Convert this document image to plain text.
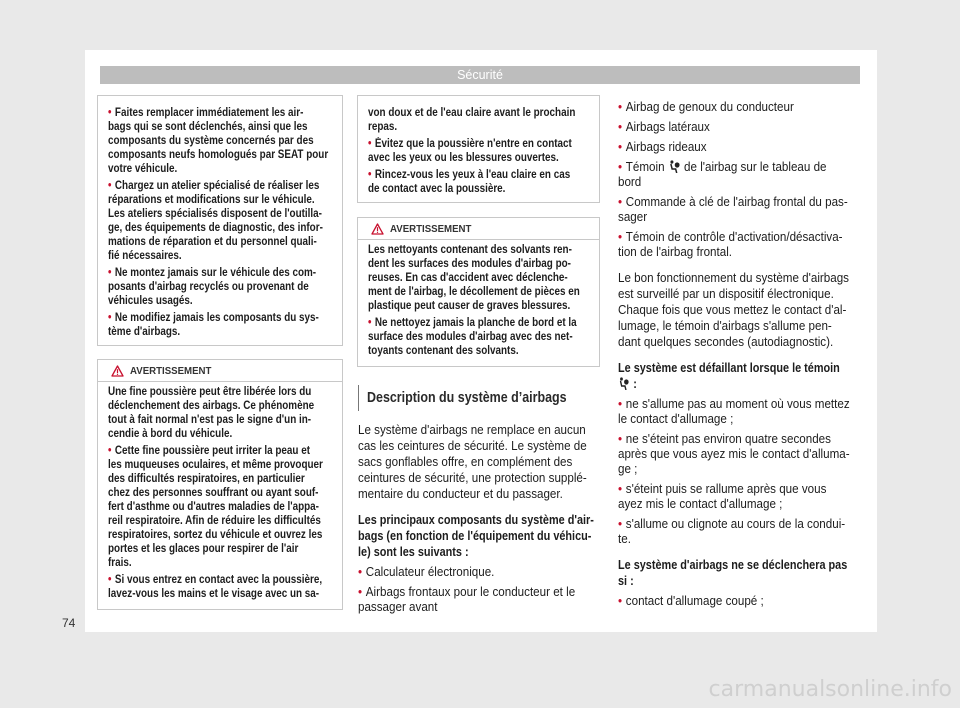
Sécurité
• Faites remplacer immédiatement les air-
bags qui se sont déclenchés, ainsi que les
composants du système concernés par des
composants neufs homologués par SEAT pour
votre véhicule.
• Chargez un atelier spécialisé de réaliser les
réparations et modifications sur le véhicule.
Les ateliers spécialisés disposent de l'outilla-
ge, des équipements de diagnostic, des infor-
mations de réparation et du personnel quali-
fié nécessaires.
• Ne montez jamais sur le véhicule des com-
posants d'airbag recyclés ou provenant de
véhicules usagés.
• Ne modifiez jamais les composants du sys-
tème d'airbags.
AVERTISSEMENT
Une fine poussière peut être libérée lors du
déclenchement des airbags. Ce phénomène
tout à fait normal n'est pas le signe d'un in-
cendie à bord du véhicule.
• Cette fine poussière peut irriter la peau et
les muqueuses oculaires, et même provoquer
des difficultés respiratoires, en particulier
chez des personnes souffrant ou ayant souf-
fert d'asthme ou d'autres maladies de l'appa-
reil respiratoire. Afin de réduire les difficultés
respiratoires, sortez du véhicule et ouvrez les
portes et les glaces pour respirer de l'air
frais.
• Si vous entrez en contact avec la poussière,
lavez-vous les mains et le visage avec un sa-
von doux et de l'eau claire avant le prochain
repas.
• Évitez que la poussière n'entre en contact
avec les yeux ou les blessures ouvertes.
• Rincez-vous les yeux à l'eau claire en cas
de contact avec la poussière.
AVERTISSEMENT
Les nettoyants contenant des solvants ren-
dent les surfaces des modules d'airbag po-
reuses. En cas d'accident avec déclenche-
ment de l'airbag, le décollement de pièces en
plastique peut causer de graves blessures.
• Ne nettoyez jamais la planche de bord et la
surface des modules d'airbag avec des net-
toyants contenant des solvants.
Description du système d’airbags
Le système d'airbags ne remplace en aucun
cas les ceintures de sécurité. Le système de
sacs gonflables offre, en complément des
ceintures de sécurité, une protection supplé-
mentaire du conducteur et du passager.
Les principaux composants du système d'air-
bags (en fonction de l'équipement du véhicu-
le) sont les suivants :
• Calculateur électronique.
• Airbags frontaux pour le conducteur et le
passager avant
• Airbag de genoux du conducteur
• Airbags latéraux
• Airbags rideaux
• Témoin  de l'airbag sur le tableau de
bord
• Commande à clé de l'airbag frontal du pas-
sager
• Témoin de contrôle d'activation/désactiva-
tion de l'airbag frontal.
Le bon fonctionnement du système d'airbags
est surveillé par un dispositif électronique.
Chaque fois que vous mettez le contact d'al-
lumage, le témoin d'airbags s'allume pen-
dant quelques secondes (autodiagnostic).
Le système est défaillant lorsque le témoin
:
• ne s'allume pas au moment où vous mettez
le contact d'allumage ;
• ne s'éteint pas environ quatre secondes
après que vous ayez mis le contact d'alluma-
ge ;
• s'éteint puis se rallume après que vous
ayez mis le contact d'allumage ;
• s'allume ou clignote au cours de la condui-
te.
Le système d'airbags ne se déclenchera pas
si :
• contact d'allumage coupé ;
74
carmanualsonline.info
